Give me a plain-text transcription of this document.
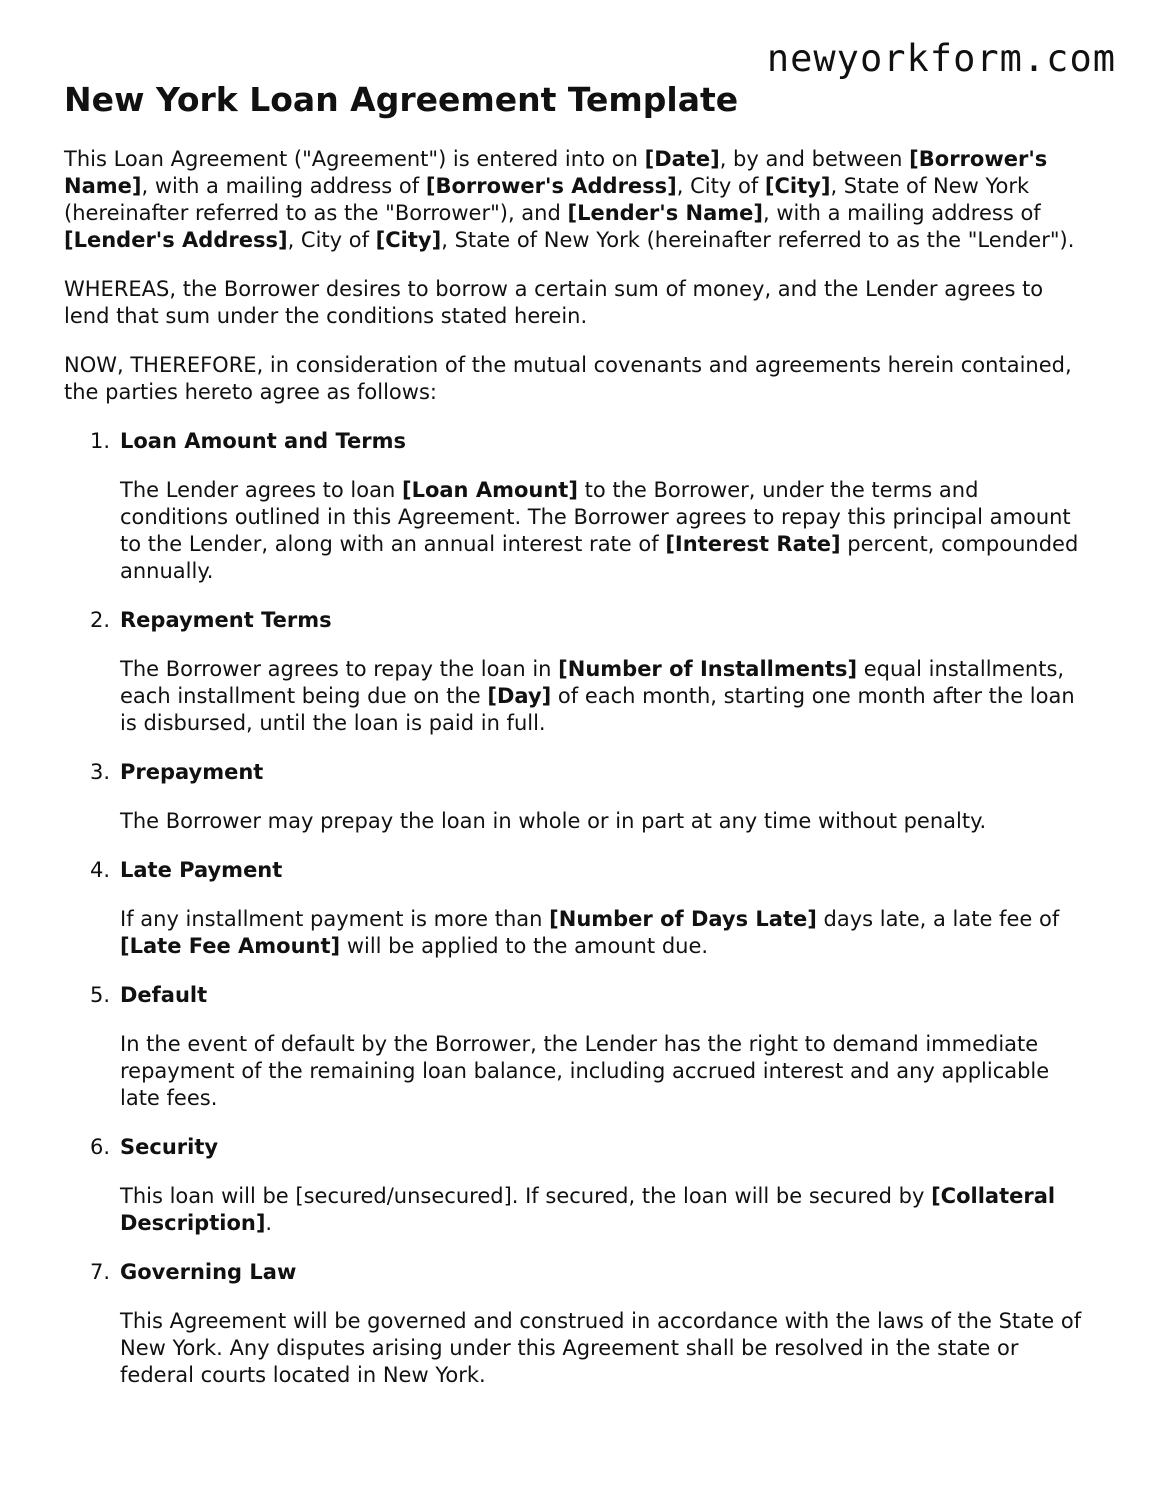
newyorkform.com
New York Loan Agreement Template

This Loan Agreement ("Agreement") is entered into on [Date], by and between [Borrower's Name], with a mailing address of [Borrower's Address], City of [City], State of New York (hereinafter referred to as the "Borrower"), and [Lender's Name], with a mailing address of [Lender's Address], City of [City], State of New York (hereinafter referred to as the "Lender").

WHEREAS, the Borrower desires to borrow a certain sum of money, and the Lender agrees to lend that sum under the conditions stated herein.

NOW, THEREFORE, in consideration of the mutual covenants and agreements herein contained, the parties hereto agree as follows:

1. Loan Amount and Terms

The Lender agrees to loan [Loan Amount] to the Borrower, under the terms and conditions outlined in this Agreement. The Borrower agrees to repay this principal amount to the Lender, along with an annual interest rate of [Interest Rate] percent, compounded annually.

2. Repayment Terms

The Borrower agrees to repay the loan in [Number of Installments] equal installments, each installment being due on the [Day] of each month, starting one month after the loan is disbursed, until the loan is paid in full.

3. Prepayment

The Borrower may prepay the loan in whole or in part at any time without penalty.

4. Late Payment

If any installment payment is more than [Number of Days Late] days late, a late fee of [Late Fee Amount] will be applied to the amount due.

5. Default

In the event of default by the Borrower, the Lender has the right to demand immediate repayment of the remaining loan balance, including accrued interest and any applicable late fees.

6. Security

This loan will be [secured/unsecured]. If secured, the loan will be secured by [Collateral Description].

7. Governing Law

This Agreement will be governed and construed in accordance with the laws of the State of New York. Any disputes arising under this Agreement shall be resolved in the state or federal courts located in New York.
